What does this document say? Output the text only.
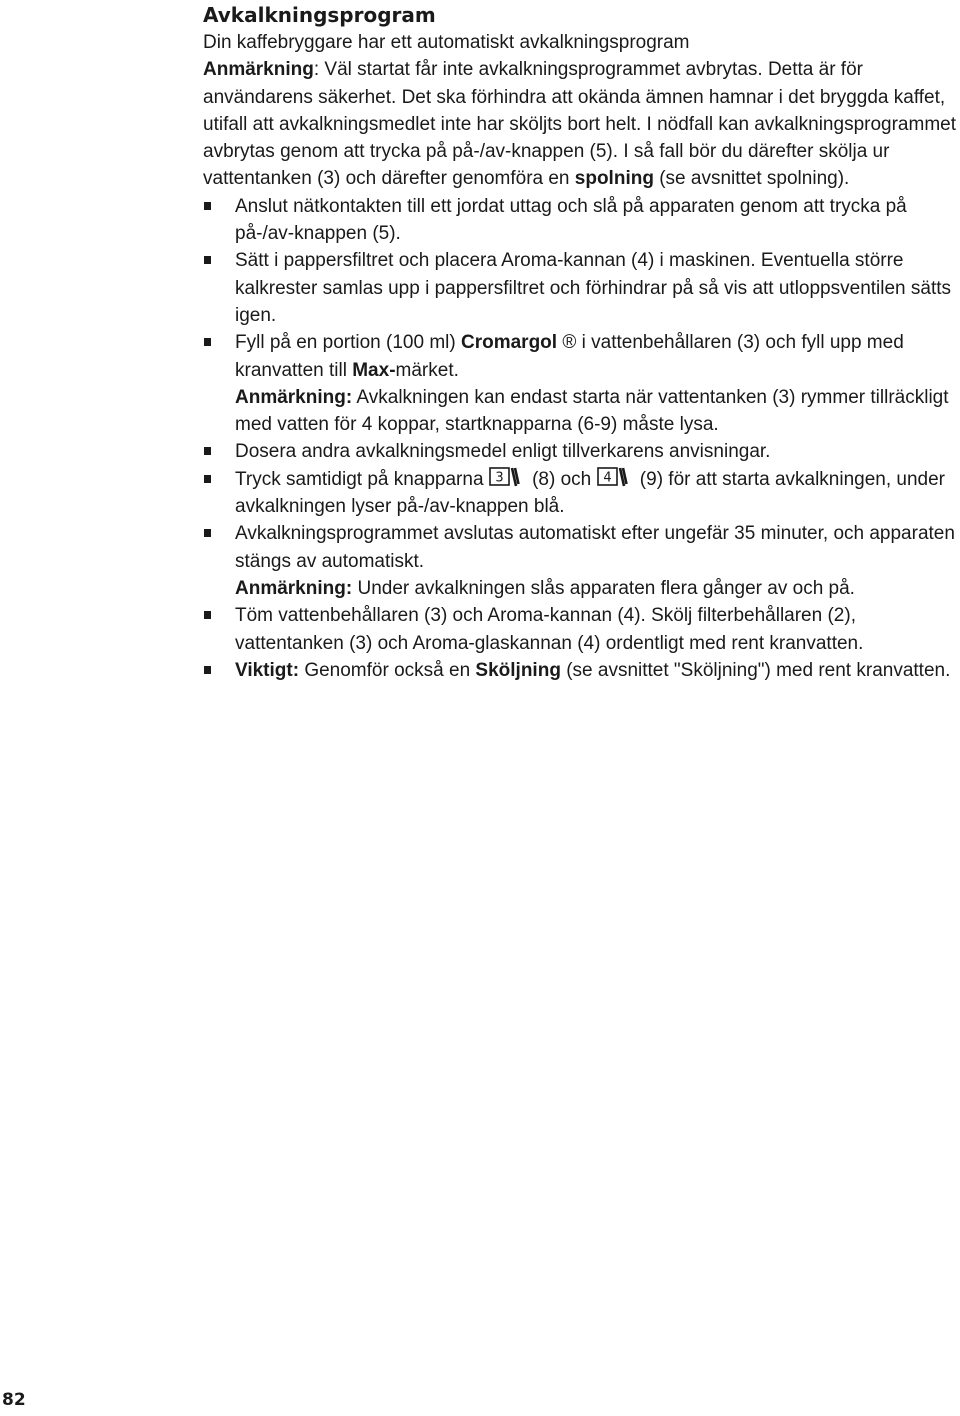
Avkalkningsprogram

Din kaffebryggare har ett automatiskt avkalkningsprogram
Anmärkning: Väl startat får inte avkalkningsprogrammet avbrytas. Detta är för användarens säkerhet. Det ska förhindra att okända ämnen hamnar i det bryggda kaffet, utifall att avkalkningsmedlet inte har sköljts bort helt. I nödfall kan avkalkningsprogrammet avbrytas genom att trycka på på-/av-knappen (5). I så fall bör du därefter skölja ur vattentanken (3) och därefter genomföra en spolning (se avsnittet spolning).

Anslut nätkontakten till ett jordat uttag och slå på apparaten genom att trycka på på-/av-knappen (5).
Sätt i pappersfiltret och placera Aroma-kannan (4) i maskinen. Eventuella större kalkrester samlas upp i pappersfiltret och förhindrar på så vis att utloppsventilen sätts igen.
Fyll på en portion (100 ml) Cromargol ® i vattenbehållaren (3) och fyll upp med kranvatten till Max-märket.
Anmärkning: Avkalkningen kan endast starta när vattentanken (3) rymmer tillräckligt med vatten för 4 koppar, startknapparna (6-9) måste lysa.
Dosera andra avkalkningsmedel enligt tillverkarens anvisningar.
Tryck samtidigt på knapparna 3 (8) och 4 (9) för att starta avkalkningen, under avkalkningen lyser på-/av-knappen blå.
Avkalkningsprogrammet avslutas automatiskt efter ungefär 35 minuter, och apparaten stängs av automatiskt.
Anmärkning: Under avkalkningen slås apparaten flera gånger av och på.
Töm vattenbehållaren (3) och Aroma-kannan (4). Skölj filterbehållaren (2), vattentanken (3) och Aroma-glaskannan (4) ordentligt med rent kranvatten.
Viktigt: Genomför också en Sköljning (se avsnittet "Sköljning") med rent kranvatten.
82
